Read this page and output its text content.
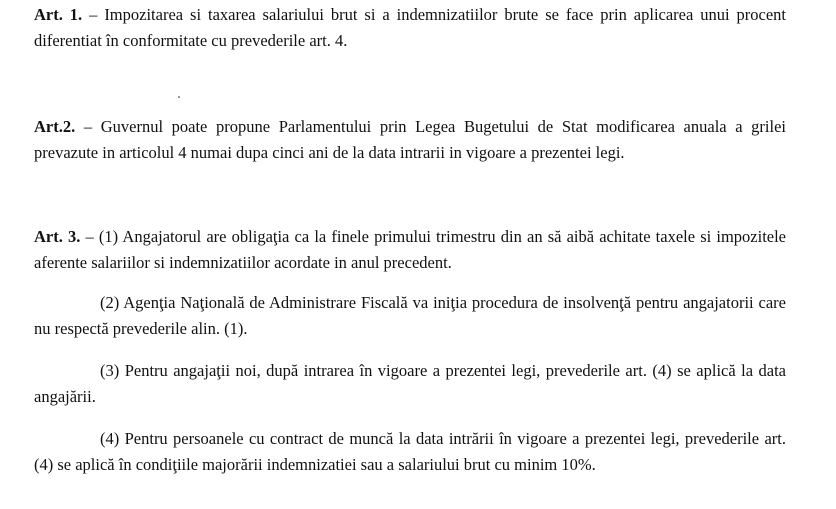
Art. 1. – Impozitarea si taxarea salariului brut si a indemnizatiilor brute se face prin aplicarea unui procent diferentiat în conformitate cu prevederile art. 4.

Art.2. – Guvernul poate propune Parlamentului prin Legea Bugetului de Stat modificarea anuala a grilei prevazute in articolul 4 numai dupa cinci ani de la data intrarii in vigoare a prezentei legi.

Art. 3. – (1) Angajatorul are obligaţia ca la finele primului trimestru din an să aibă achitate taxele si impozitele aferente salariilor si indemnizatiilor acordate in anul precedent.

(2) Agenţia Naţională de Administrare Fiscală va iniţia procedura de insolvenţă pentru angajatorii care nu respectă prevederile alin. (1).

(3) Pentru angajaţii noi, după intrarea în vigoare a prezentei legi, prevederile art. (4) se aplică la data angajării.

(4) Pentru persoanele cu contract de muncă la data intrării în vigoare a prezentei legi, prevederile art. (4) se aplică în condiţiile majorării indemnizatiei sau a salariului brut cu minim 10%.
